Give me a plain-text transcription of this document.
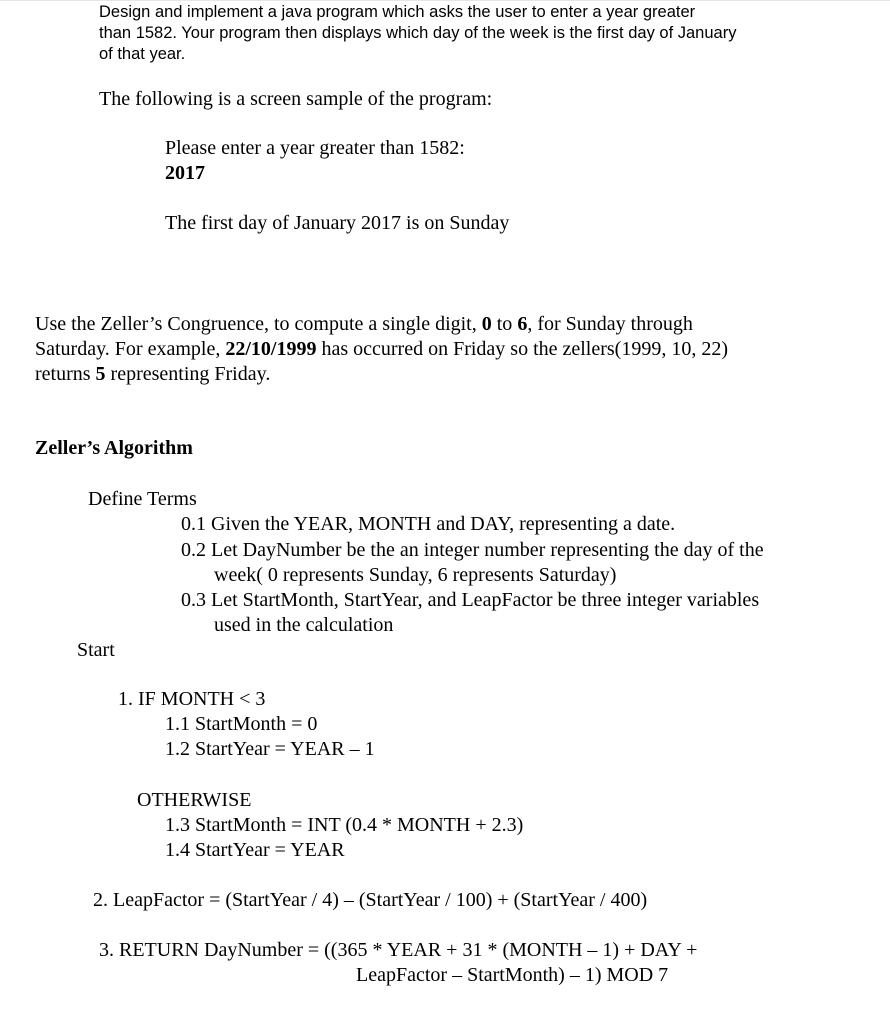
Design and implement a java program which asks the user to enter a year greater

than 1582. Your program then displays which day of the week is the first day of January

of that year.

The following is a screen sample of the program:

Please enter a year greater than 1582:

2017

The first day of January 2017 is on Sunday

Use the Zeller’s Congruence, to compute a single digit, 0 to 6, for Sunday through

Saturday. For example, 22/10/1999 has occurred on Friday so the zellers(1999, 10, 22)

returns 5 representing Friday.

Zeller’s Algorithm

Define Terms

0.1 Given the YEAR, MONTH and DAY, representing a date.

0.2 Let DayNumber be the an integer number representing the day of the

week( 0 represents Sunday, 6 represents Saturday)

0.3 Let StartMonth, StartYear, and LeapFactor be three integer variables

used in the calculation

Start

1. IF MONTH < 3

1.1 StartMonth = 0

1.2 StartYear = YEAR – 1

OTHERWISE

1.3 StartMonth = INT (0.4 * MONTH + 2.3)

1.4 StartYear = YEAR

2. LeapFactor = (StartYear / 4) – (StartYear / 100) + (StartYear / 400)

3. RETURN DayNumber = ((365 * YEAR + 31 * (MONTH – 1) + DAY +

LeapFactor – StartMonth) – 1) MOD 7
